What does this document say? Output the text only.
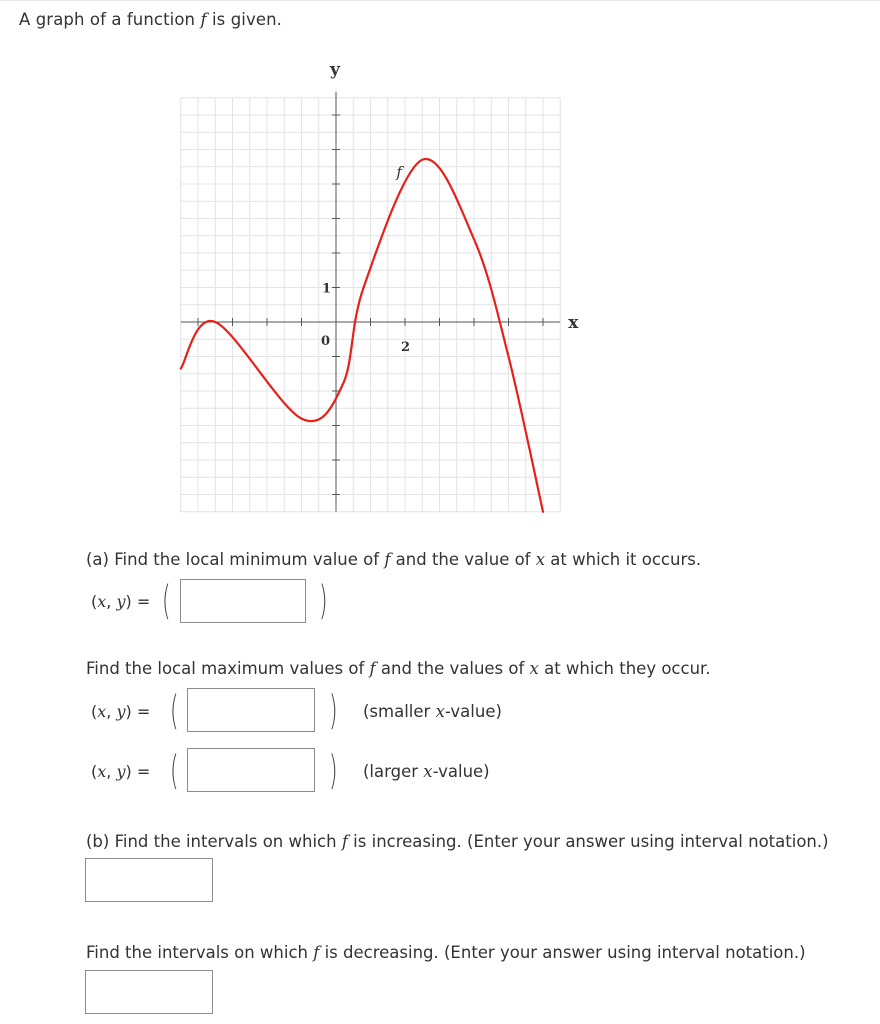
A graph of a function f is given.
y
x
0	2
1
f
(a) Find the local minimum value of f and the value of x at which it occurs.
(x, y) = (	)
Find the local maximum values of f and the values of x at which they occur.
(x, y) = (	) (smaller x-value)
(x, y) = (	) (larger x-value)
(b) Find the intervals on which f is increasing. (Enter your answer using interval notation.)
Find the intervals on which f is decreasing. (Enter your answer using interval notation.)
